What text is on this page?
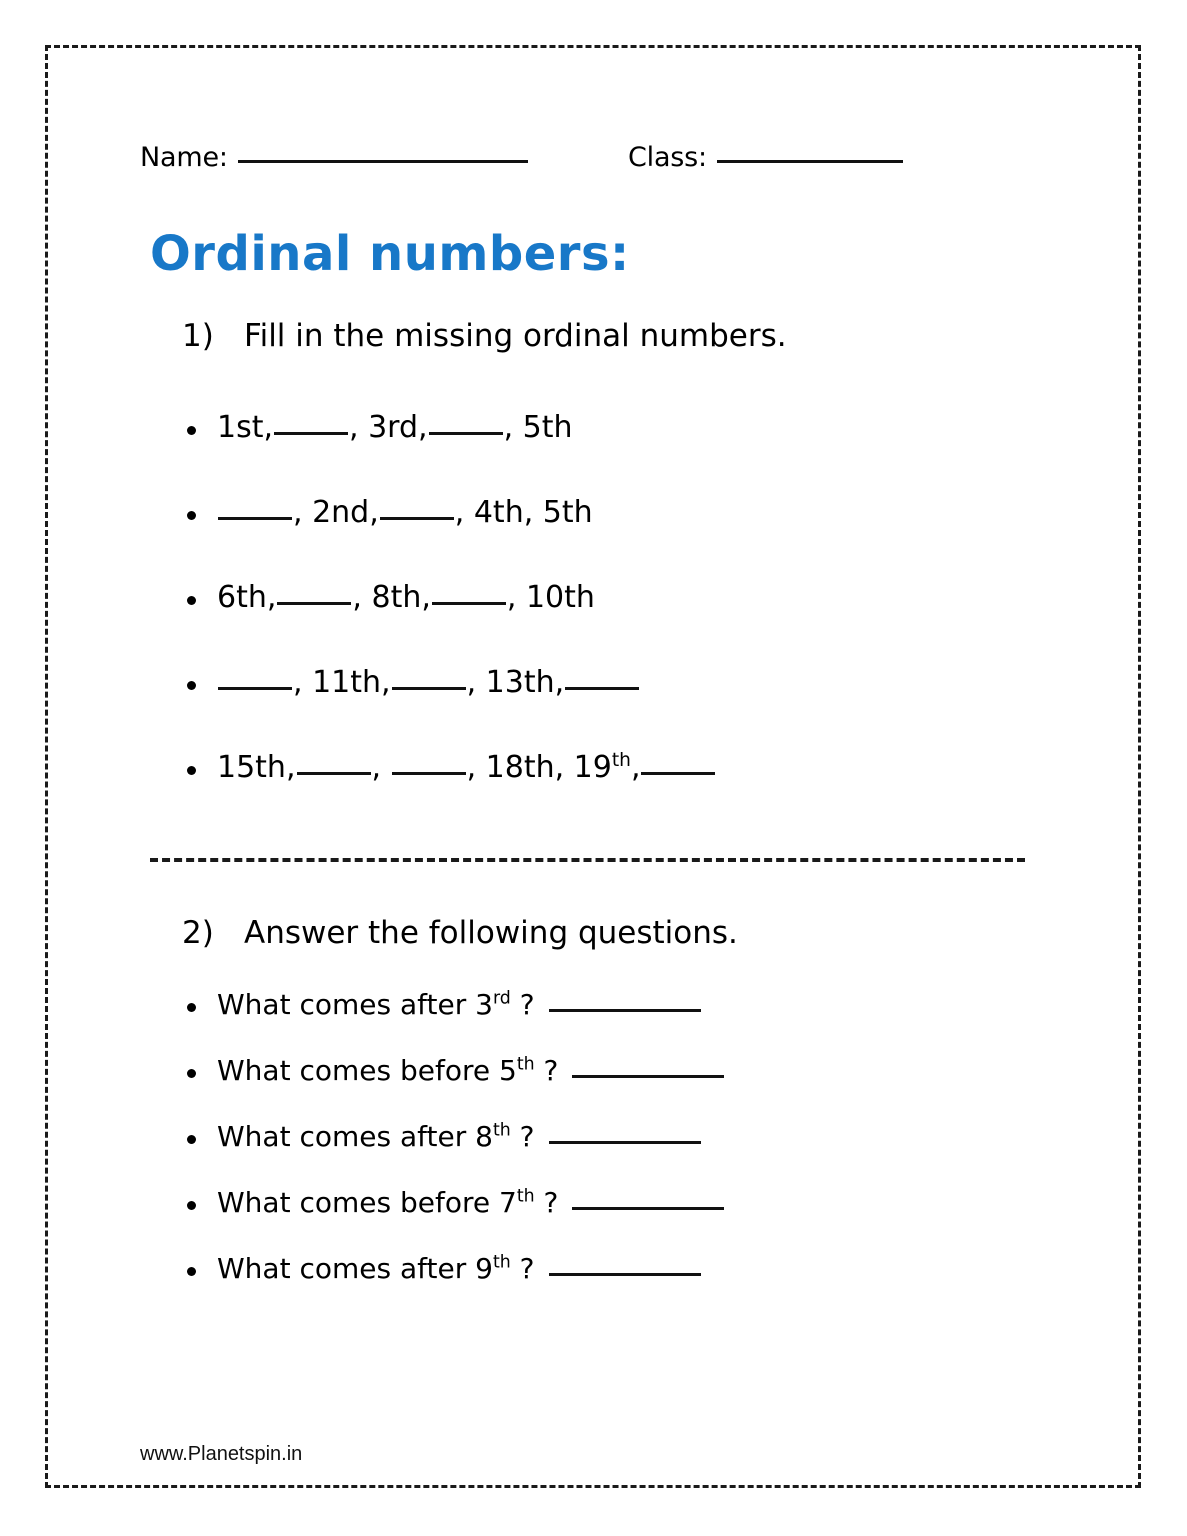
Name:	Class:
Ordinal numbers:
1) Fill in the missing ordinal numbers.
1st,	, 3rd,	, 5th
, 2nd,	, 4th, 5th
6th,	, 8th,	, 10th
, 11th,	, 13th,
15th,	,	, 18th, 19th,
2) Answer the following questions.
What comes after 3rd ?
What comes before 5th ?
What comes after 8th ?
What comes before 7th ?
What comes after 9th ?
www.Planetspin.in
